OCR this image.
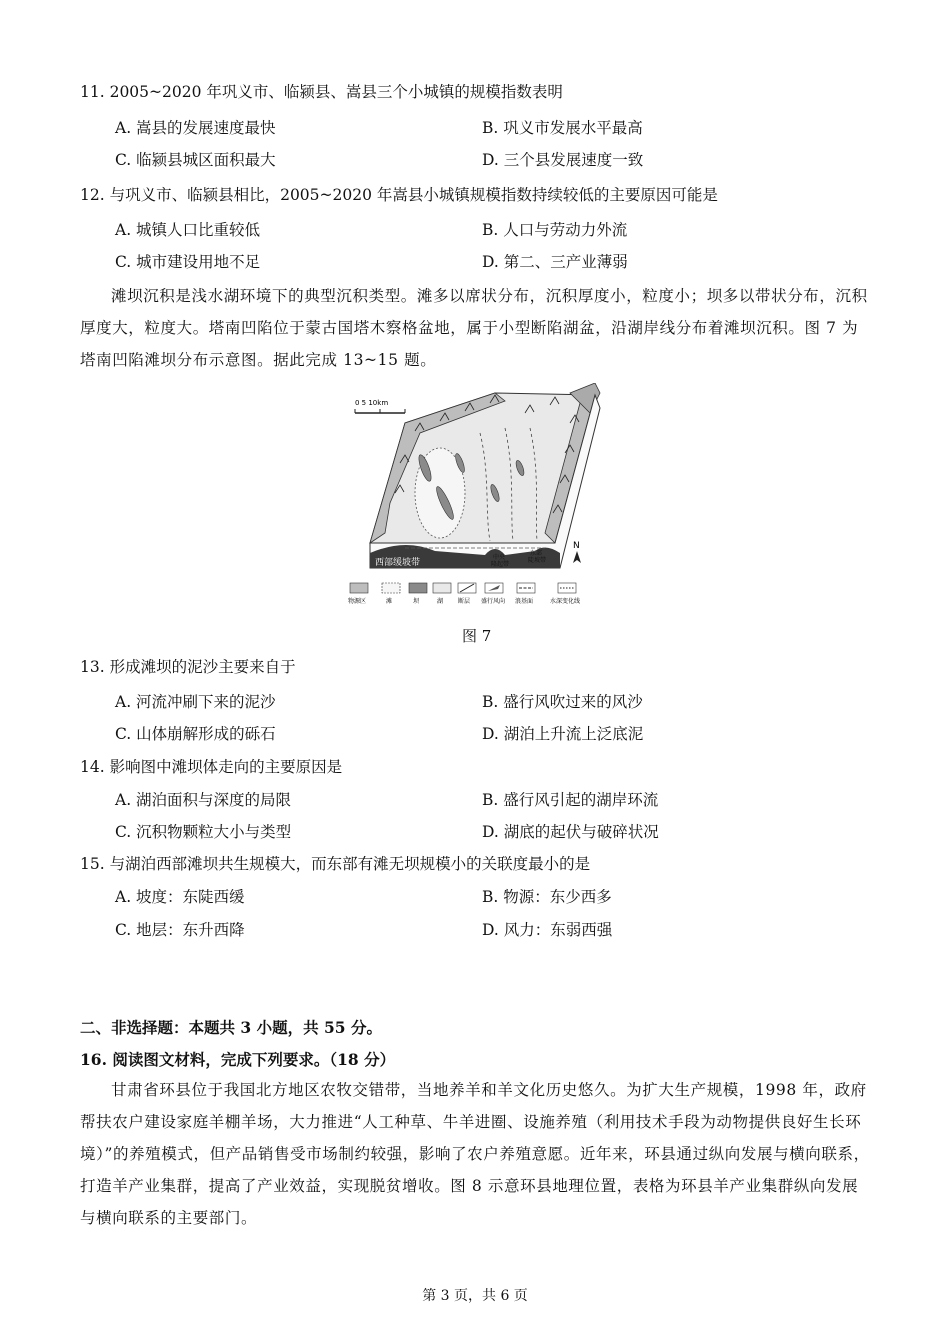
11. 2005~2020 年巩义市、临颍县、嵩县三个小城镇的规模指数表明
A. 嵩县的发展速度最快	B. 巩义市发展水平最高
C. 临颍县城区面积最大	D. 三个县发展速度一致
12. 与巩义市、临颍县相比，2005~2020 年嵩县小城镇规模指数持续较低的主要原因可能是
A. 城镇人口比重较低	B. 人口与劳动力外流
C. 城市建设用地不足	D. 第二、三产业薄弱
滩坝沉积是浅水湖环境下的典型沉积类型。滩多以席状分布，沉积厚度小，粒度小；坝多以带状分布，沉积厚度大，粒度大。塔南凹陷位于蒙古国塔木察格盆地，属于小型断陷湖盆，沿湖岸线分布着滩坝沉积。图 7 为塔南凹陷滩坝分布示意图。据此完成 13~15 题。
0 5 10km
西部缓坡带
中央
隆起带
东部
陡坡带
N
物源区	滩	坝	湖 断层 盛行风向 浪基面	水深变化线
图 7
13. 形成滩坝的泥沙主要来自于
A. 河流冲刷下来的泥沙	B. 盛行风吹过来的风沙
C. 山体崩解形成的砾石	D. 湖泊上升流上泛底泥
14. 影响图中滩坝体走向的主要原因是
A. 湖泊面积与深度的局限	B. 盛行风引起的湖岸环流
C. 沉积物颗粒大小与类型	D. 湖底的起伏与破碎状况
15. 与湖泊西部滩坝共生规模大，而东部有滩无坝规模小的关联度最小的是
A. 坡度：东陡西缓	B. 物源：东少西多
C. 地层：东升西降	D. 风力：东弱西强
二、非选择题：本题共 3 小题，共 55 分。
16. 阅读图文材料，完成下列要求。（18 分）
甘肃省环县位于我国北方地区农牧交错带，当地养羊和羊文化历史悠久。为扩大生产规模，1998 年，政府帮扶农户建设家庭羊棚羊场，大力推进“人工种草、牛羊进圈、设施养殖（利用技术手段为动物提供良好生长环境）”的养殖模式，但产品销售受市场制约较强，影响了农户养殖意愿。近年来，环县通过纵向发展与横向联系，打造羊产业集群，提高了产业效益，实现脱贫增收。图 8 示意环县地理位置，表格为环县羊产业集群纵向发展与横向联系的主要部门。
第 3 页，共 6 页
